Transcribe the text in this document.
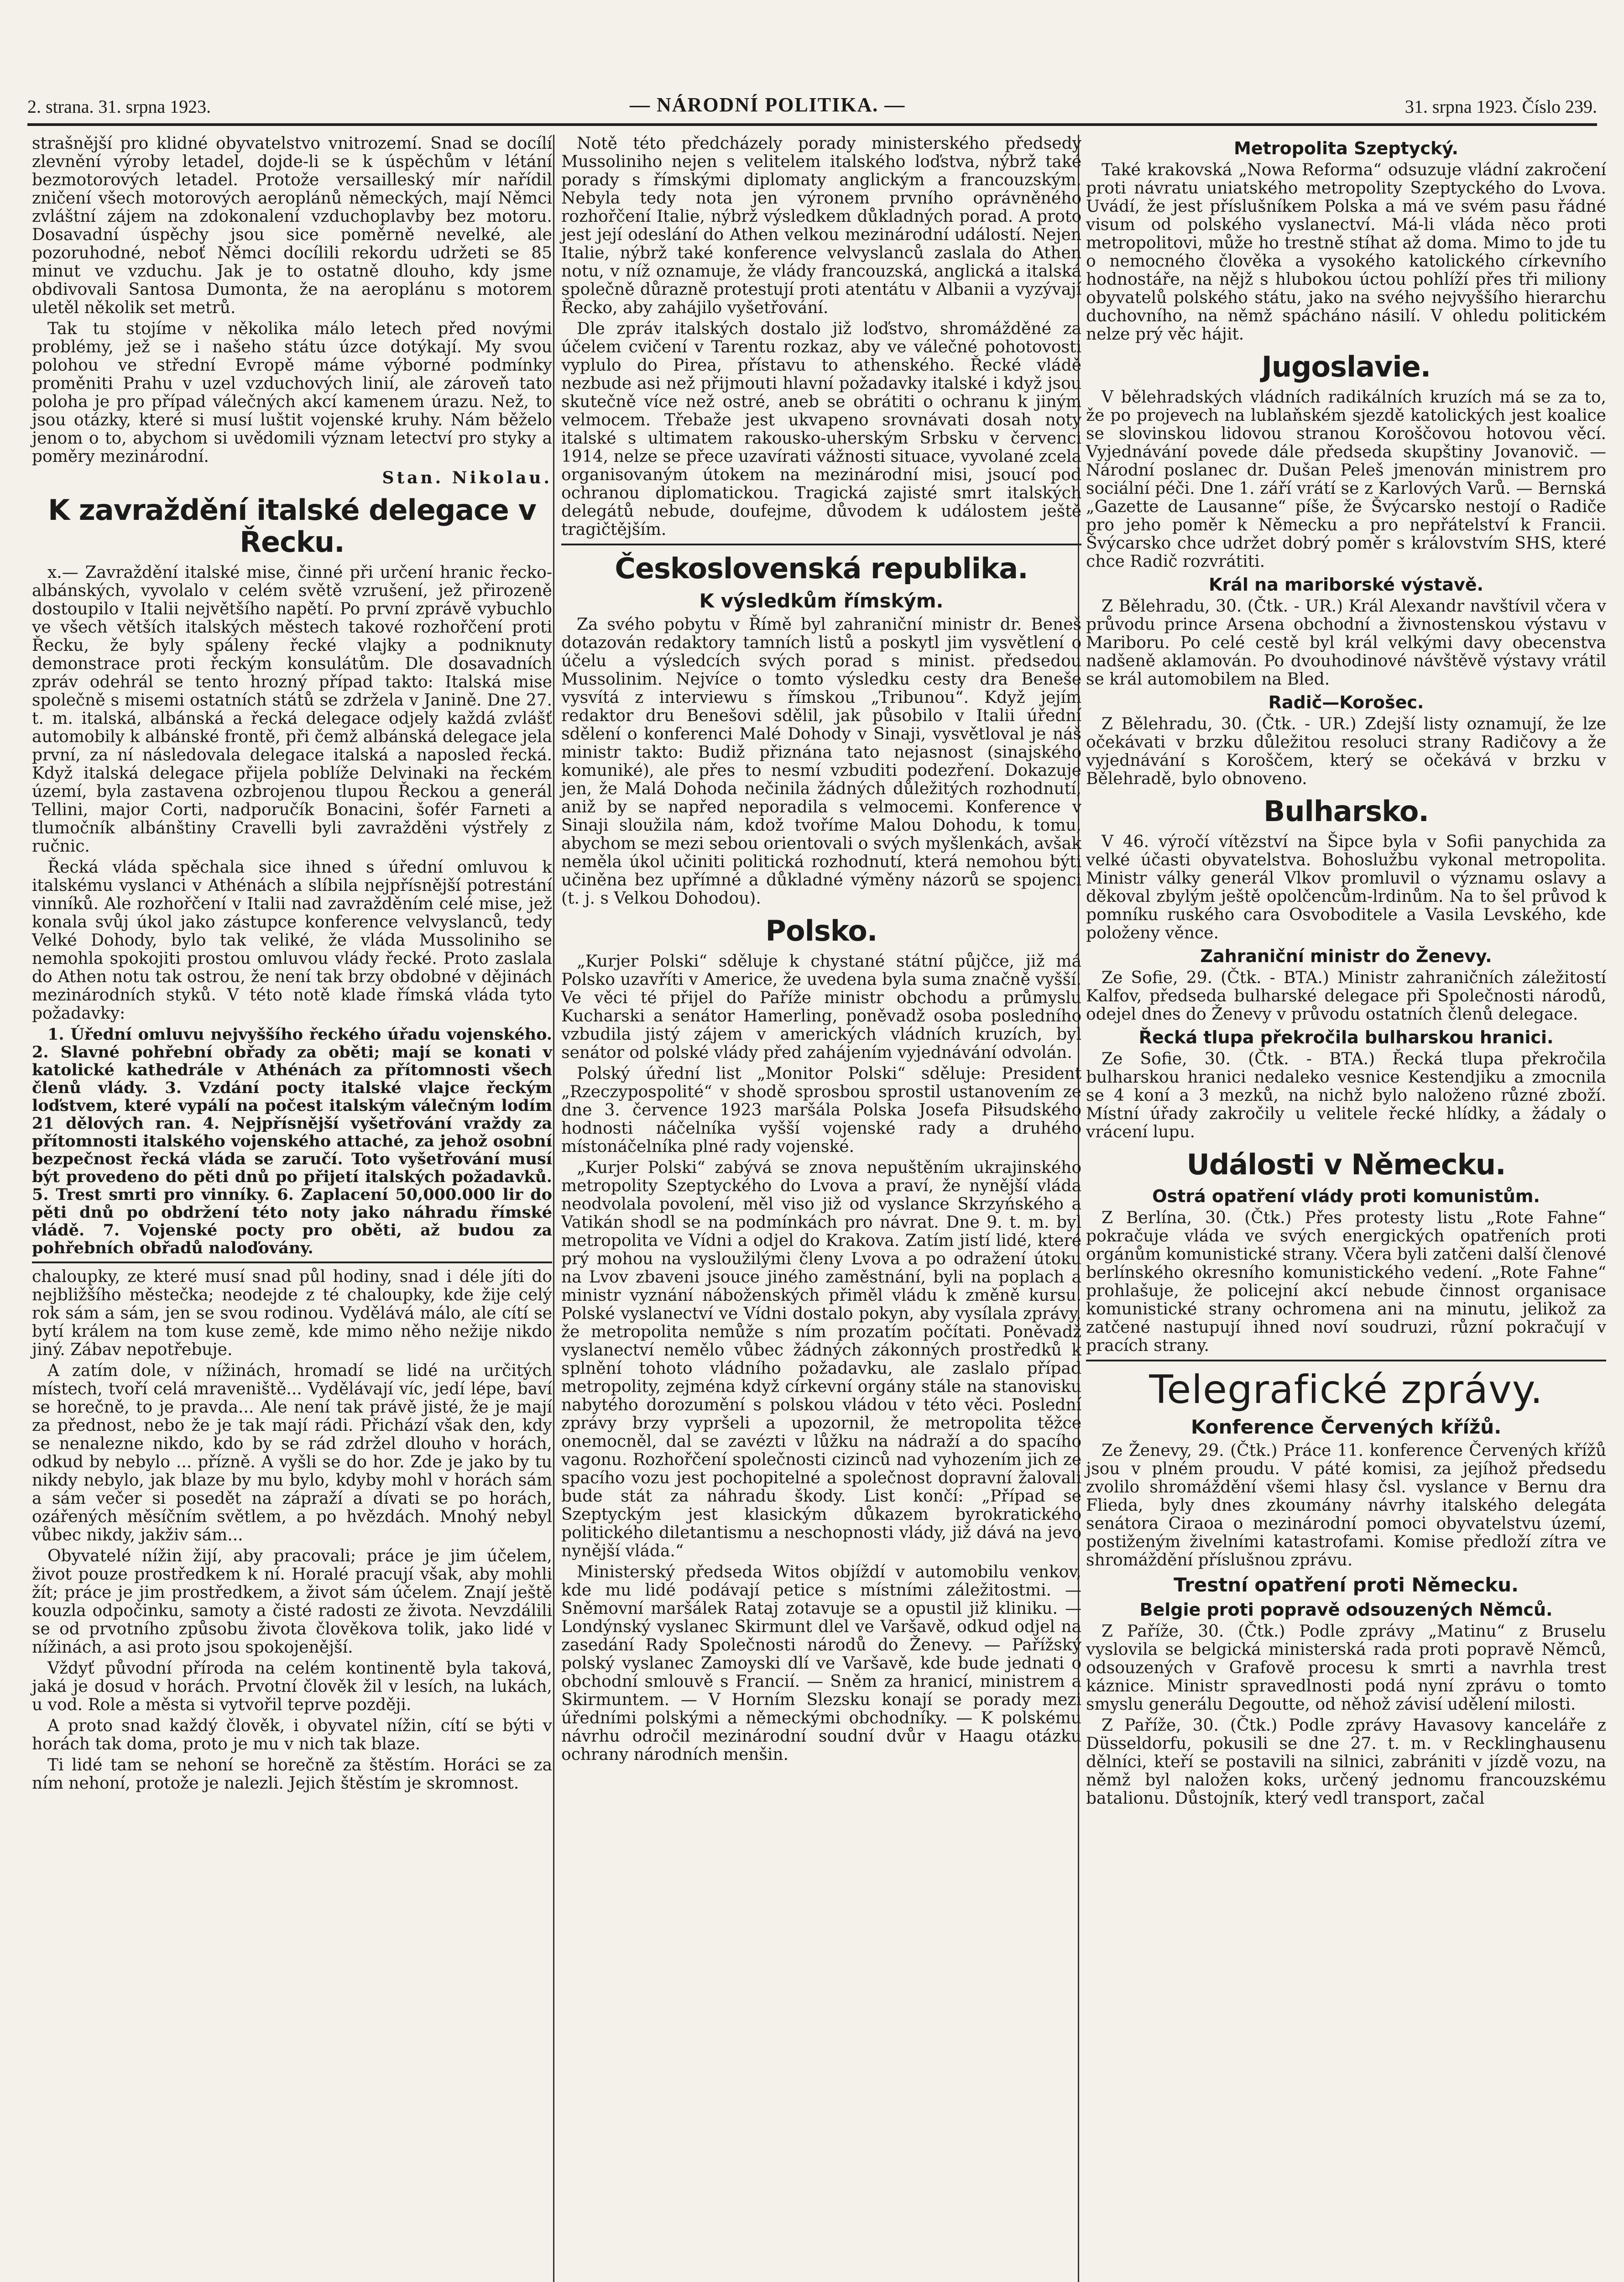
2. strana. 31. srpna 1923.	— NÁRODNÍ POLITIKA. —	31. srpna 1923. Číslo 239.

strašnější pro klidné obyvatelstvo vnitrozemí. Snad se docílí zlevnění výroby letadel, dojde-li se k úspěchům v létání bezmotorových letadel. Protože versailleský mír nařídil zničení všech motorových aeroplánů německých, mají Němci zvláštní zájem na zdokonalení vzduchoplavby bez motoru. Dosavadní úspěchy jsou sice poměrně nevelké, ale pozoruhodné, neboť Němci docílili rekordu udržeti se 85 minut ve vzduchu. Jak je to ostatně dlouho, kdy jsme obdivovali Santosa Dumonta, že na aeroplánu s motorem uletěl několik set metrů.

Tak tu stojíme v několika málo letech před novými problémy, jež se i našeho státu úzce dotýkají. My svou polohou ve střední Evropě máme výborné podmínky proměniti Prahu v uzel vzduchových linií, ale zároveň tato poloha je pro případ válečných akcí kamenem úrazu. Než, to jsou otázky, které si musí luštit vojenské kruhy. Nám běželo jenom o to, abychom si uvědomili význam letectví pro styky a poměry mezinárodní.

Stan. Nikolau.
K zavraždění italské delegace v Řecku.

x.— Zavraždění italské mise, činné při určení hranic řecko-albánských, vyvolalo v celém světě vzrušení, jež přirozeně dostoupilo v Italii největšího napětí. Po první zprávě vybuchlo ve všech větších italských městech takové rozhořčení proti Řecku, že byly spáleny řecké vlajky a podniknuty demonstrace proti řeckým konsulátům. Dle dosavadních zpráv odehrál se tento hrozný případ takto: Italská mise společně s misemi ostatních států se zdržela v Janině. Dne 27. t. m. italská, albánská a řecká delegace odjely každá zvlášť automobily k albánské frontě, při čemž albánská delegace jela první, za ní následovala delegace italská a naposled řecká. Když italská delegace přijela poblíže Delvinaki na řeckém území, byla zastavena ozbrojenou tlupou Řeckou a generál Tellini, major Corti, nadporučík Bonacini, šofér Farneti a tlumočník albánštiny Cravelli byli zavražděni výstřely z ručnic.

Řecká vláda spěchala sice ihned s úřední omluvou k italskému vyslanci v Athénách a slíbila nejpřísnější potrestání vinníků. Ale rozhořčení v Italii nad zavražděním celé mise, jež konala svůj úkol jako zástupce konference velvyslanců, tedy Velké Dohody, bylo tak veliké, že vláda Mussoliniho se nemohla spokojiti prostou omluvou vlády řecké. Proto zaslala do Athen notu tak ostrou, že není tak brzy obdobné v dějinách mezinárodních styků. V této notě klade římská vláda tyto požadavky:

1. Úřední omluvu nejvyššího řeckého úřadu vojenského. 2. Slavné pohřební obřady za oběti; mají se konati v katolické kathedrále v Athénách za přítomnosti všech členů vlády. 3. Vzdání pocty italské vlajce řeckým loďstvem, které vypálí na počest italským válečným lodím 21 dělových ran. 4. Nejpřísnější vyšetřování vraždy za přítomnosti italského vojenského attaché, za jehož osobní bezpečnost řecká vláda se zaručí. Toto vyšetřování musí být provedeno do pěti dnů po přijetí italských požadavků. 5. Trest smrti pro vinníky. 6. Zaplacení 50,000.000 lir do pěti dnů po obdržení této noty jako náhradu římské vládě. 7. Vojenské pocty pro oběti, až budou za pohřebních obřadů naloďovány.

chaloupky, ze které musí snad půl hodiny, snad i déle jíti do nejbližšího městečka; neodejde z té chaloupky, kde žije celý rok sám a sám, jen se svou rodinou. Vydělává málo, ale cítí se bytí králem na tom kuse země, kde mimo něho nežije nikdo jiný. Zábav nepotřebuje.

A zatím dole, v nížinách, hromadí se lidé na určitých místech, tvoří celá mraveniště... Vydělávají víc, jedí lépe, baví se horečně, to je pravda... Ale není tak právě jisté, že je mají za přednost, nebo že je tak mají rádi. Přichází však den, kdy se nenalezne nikdo, kdo by se rád zdržel dlouho v horách, odkud by nebylo ... přízně. A vyšli se do hor. Zde je jako by tu nikdy nebylo, jak blaze by mu bylo, kdyby mohl v horách sám a sám večer si posedět na zápraží a dívati se po horách, ozářených měsíčním světlem, a po hvězdách. Mnohý nebyl vůbec nikdy, jakživ sám...

Obyvatelé nížin žijí, aby pracovali; práce je jim účelem, život pouze prostředkem k ní. Horalé pracují však, aby mohli žít; práce je jim prostředkem, a život sám účelem. Znají ještě kouzla odpočinku, samoty a čisté radosti ze života. Nevzdálili se od prvotního způsobu života člověkova tolik, jako lidé v nížinách, a asi proto jsou spokojenější.

Vždyť původní příroda na celém kontinentě byla taková, jaká je dosud v horách. Prvotní člověk žil v lesích, na lukách, u vod. Role a města si vytvořil teprve později.

A proto snad každý člověk, i obyvatel nížin, cítí se býti v horách tak doma, proto je mu v nich tak blaze.

Ti lidé tam se nehoní se horečně za štěstím. Horáci se za ním nehoní, protože je nalezli. Jejich štěstím je skromnost.

Notě této předcházely porady ministerského předsedy Mussoliniho nejen s velitelem italského loďstva, nýbrž také porady s římskými diplomaty anglickým a francouzským. Nebyla tedy nota jen výronem prvního oprávněného rozhořčení Italie, nýbrž výsledkem důkladných porad. A proto jest její odeslání do Athen velkou mezinárodní událostí. Nejen Italie, nýbrž také konference velvyslanců zaslala do Athen notu, v níž oznamuje, že vlády francouzská, anglická a italská společně důrazně protestují proti atentátu v Albanii a vyzývají Řecko, aby zahájilo vyšetřování.

Dle zpráv italských dostalo již loďstvo, shromážděné za účelem cvičení v Tarentu rozkaz, aby ve válečné pohotovosti vyplulo do Pirea, přístavu to athenského. Řecké vládě nezbude asi než přijmouti hlavní požadavky italské i když jsou skutečně více než ostré, aneb se obrátiti o ochranu k jiným velmocem. Třebaže jest ukvapeno srovnávati dosah noty italské s ultimatem rakousko-uherským Srbsku v červenci 1914, nelze se přece uzavírati vážnosti situace, vyvolané zcela organisovaným útokem na mezinárodní misi, jsoucí pod ochranou diplomatickou. Tragická zajisté smrt italských delegátů nebude, doufejme, důvodem k událostem ještě tragičtějším.

Československá republika.
K výsledkům římským.

Za svého pobytu v Římě byl zahraniční ministr dr. Beneš dotazován redaktory tamních listů a poskytl jim vysvětlení o účelu a výsledcích svých porad s minist. předsedou Mussolinim. Nejvíce o tomto výsledku cesty dra Beneše vysvítá z interviewu s římskou „Tribunou“. Když jejím redaktor dru Benešovi sdělil, jak působilo v Italii úřední sdělení o konferenci Malé Dohody v Sinaji, vysvětloval je náš ministr takto: Budiž přiznána tato nejasnost (sinajského komuniké), ale přes to nesmí vzbuditi podezření. Dokazuje jen, že Malá Dohoda nečinila žádných důležitých rozhodnutí, aniž by se napřed neporadila s velmocemi. Konference v Sinaji sloužila nám, kdož tvoříme Malou Dohodu, k tomu, abychom se mezi sebou orientovali o svých myšlenkách, avšak neměla úkol učiniti politická rozhodnutí, která nemohou býti učiněna bez upřímné a důkladné výměny názorů se spojenci (t. j. s Velkou Dohodou).

Polsko.

„Kurjer Polski“ sděluje k chystané státní půjčce, již má Polsko uzavříti v Americe, že uvedena byla suma značně vyšší. Ve věci té přijel do Paříže ministr obchodu a průmyslu Kucharski a senátor Hamerling, poněvadž osoba posledního vzbudila jistý zájem v amerických vládních kruzích, byl senátor od polské vlády před zahájením vyjednávání odvolán.

Polský úřední list „Monitor Polski“ sděluje: President „Rzeczypospolité“ v shodě sprosbou sprostil ustanovením ze dne 3. července 1923 maršála Polska Josefa Piłsudského hodnosti náčelníka vyšší vojenské rady a druhého místonáčelníka plné rady vojenské.

„Kurjer Polski“ zabývá se znova nepuštěním ukrajinského metropolity Szeptyckého do Lvova a praví, že nynější vláda neodvolala povolení, měl viso již od vyslance Skrzyńského a Vatikán shodl se na podmínkách pro návrat. Dne 9. t. m. byl metropolita ve Vídni a odjel do Krakova. Zatím jistí lidé, které prý mohou na vysloužilými členy Lvova a po odražení útoku na Lvov zbaveni jsouce jiného zaměstnání, byli na poplach a ministr vyznání náboženských přiměl vládu k změně kursu. Polské vyslanectví ve Vídni dostalo pokyn, aby vysílala zprávy, že metropolita nemůže s ním prozatím počítati. Poněvadž vyslanectví nemělo vůbec žádných zákonných prostředků k splnění tohoto vládního požadavku, ale zaslalo případ metropolity, zejména když církevní orgány stále na stanovisku nabytého dorozumění s polskou vládou v této věci. Poslední zprávy brzy vypršeli a upozornil, že metropolita těžce onemocněl, dal se zavézti v lůžku na nádraží a do spacího vagonu. Rozhořčení společnosti cizinců nad vyhozením jich ze spacího vozu jest pochopitelné a společnost dopravní žalovali bude stát za náhradu škody. List končí: „Případ se Szeptyckým jest klasickým důkazem byrokratického politického diletantismu a neschopnosti vlády, již dává na jevo nynější vláda.“

Ministerský předseda Witos objíždí v automobilu venkov, kde mu lidé podávají petice s místními záležitostmi. — Sněmovní maršálek Rataj zotavuje se a opustil již kliniku. — Londýnský vyslanec Skirmunt dlel ve Varšavě, odkud odjel na zasedání Rady Společnosti národů do Ženevy. — Pařížský polský vyslanec Zamoyski dlí ve Varšavě, kde bude jednati o obchodní smlouvě s Francií. — Sněm za hranicí, ministrem a Skirmuntem. — V Horním Slezsku konají se porady mezi úředními polskými a německými obchodníky. — K polskému návrhu odročil mezinárodní soudní dvůr v Haagu otázku ochrany národních menšin.

Metropolita Szeptycký.

Také krakovská „Nowa Reforma“ odsuzuje vládní zakročení proti návratu uniatského metropolity Szeptyckého do Lvova. Uvádí, že jest příslušníkem Polska a má ve svém pasu řádné visum od polského vyslanectví. Má-li vláda něco proti metropolitovi, může ho trestně stíhat až doma. Mimo to jde tu o nemocného člověka a vysokého katolického církevního hodnostáře, na nějž s hlubokou úctou pohlíží přes tři miliony obyvatelů polského státu, jako na svého nejvyššího hierarchu duchovního, na němž spácháno násilí. V ohledu politickém nelze prý věc hájit.

Jugoslavie.

V bělehradských vládních radikálních kruzích má se za to, že po projevech na lublaňském sjezdě katolických jest koalice se slovinskou lidovou stranou Koroščovou hotovou věcí. Vyjednávání povede dále předseda skupštiny Jovanovič. — Národní poslanec dr. Dušan Peleš jmenován ministrem pro sociální péči. Dne 1. září vrátí se z Karlových Varů. — Bernská „Gazette de Lausanne“ píše, že Švýcarsko nestojí o Radiče pro jeho poměr k Německu a pro nepřátelství k Francii. Švýcarsko chce udržet dobrý poměr s královstvím SHS, které chce Radič rozvrátiti.

Král na mariborské výstavě.

Z Bělehradu, 30. (Čtk. - UR.) Král Alexandr navštívil včera v průvodu prince Arsena obchodní a živnostenskou výstavu v Mariboru. Po celé cestě byl král velkými davy obecenstva nadšeně aklamován. Po dvouhodinové návštěvě výstavy vrátil se král automobilem na Bled.

Radič—Korošec.

Z Bělehradu, 30. (Čtk. - UR.) Zdejší listy oznamují, že lze očekávati v brzku důležitou resoluci strany Radičovy a že vyjednávání s Koroščem, který se očekává v brzku v Bělehradě, bylo obnoveno.

Bulharsko.

V 46. výročí vítězství na Šipce byla v Sofii panychida za velké účasti obyvatelstva. Bohoslužbu vykonal metropolita. Ministr války generál Vlkov promluvil o významu oslavy a děkoval zbylým ještě opolčencům-lrdinům. Na to šel průvod k pomníku ruského cara Osvoboditele a Vasila Levského, kde položeny věnce.

Zahraniční ministr do Ženevy.

Ze Sofie, 29. (Čtk. - BTA.) Ministr zahraničních záležitostí Kalfov, předseda bulharské delegace při Společnosti národů, odejel dnes do Ženevy v průvodu ostatních členů delegace.

Řecká tlupa překročila bulharskou hranici.

Ze Sofie, 30. (Čtk. - BTA.) Řecká tlupa překročila bulharskou hranici nedaleko vesnice Kestendjiku a zmocnila se 4 koní a 3 mezků, na nichž bylo naloženo různé zboží. Místní úřady zakročily u velitele řecké hlídky, a žádaly o vrácení lupu.

Události v Německu.
Ostrá opatření vlády proti komunistům.

Z Berlína, 30. (Čtk.) Přes protesty listu „Rote Fahne“ pokračuje vláda ve svých energických opatřeních proti orgánům komunistické strany. Včera byli zatčeni další členové berlínského okresního komunistického vedení. „Rote Fahne“ prohlašuje, že policejní akcí nebude činnost organisace komunistické strany ochromena ani na minutu, jelikož za zatčené nastupují ihned noví soudruzi, různí pokračují v pracích strany.

Telegrafické zprávy.
Konference Červených křížů.

Ze Ženevy, 29. (Čtk.) Práce 11. konference Červených křížů jsou v plném proudu. V páté komisi, za jejíhož předsedu zvolilo shromáždění všemi hlasy čsl. vyslance v Bernu dra Flieda, byly dnes zkoumány návrhy italského delegáta senátora Ciraoa o mezinárodní pomoci obyvatelstvu území, postiženým živelními katastrofami. Komise předloží zítra ve shromáždění příslušnou zprávu.

Trestní opatření proti Německu.
Belgie proti popravě odsouzených Němců.

Z Paříže, 30. (Čtk.) Podle zprávy „Matinu“ z Bruselu vyslovila se belgická ministerská rada proti popravě Němců, odsouzených v Grafově procesu k smrti a navrhla trest káznice. Ministr spravedlnosti podá nyní zprávu o tomto smyslu generálu Degoutte, od něhož závisí udělení milosti.

Z Paříže, 30. (Čtk.) Podle zprávy Havasovy kanceláře z Düsseldorfu, pokusili se dne 27. t. m. v Recklinghausenu dělníci, kteří se postavili na silnici, zabrániti v jízdě vozu, na němž byl naložen koks, určený jednomu francouzskému batalionu. Důstojník, který vedl transport, začal
